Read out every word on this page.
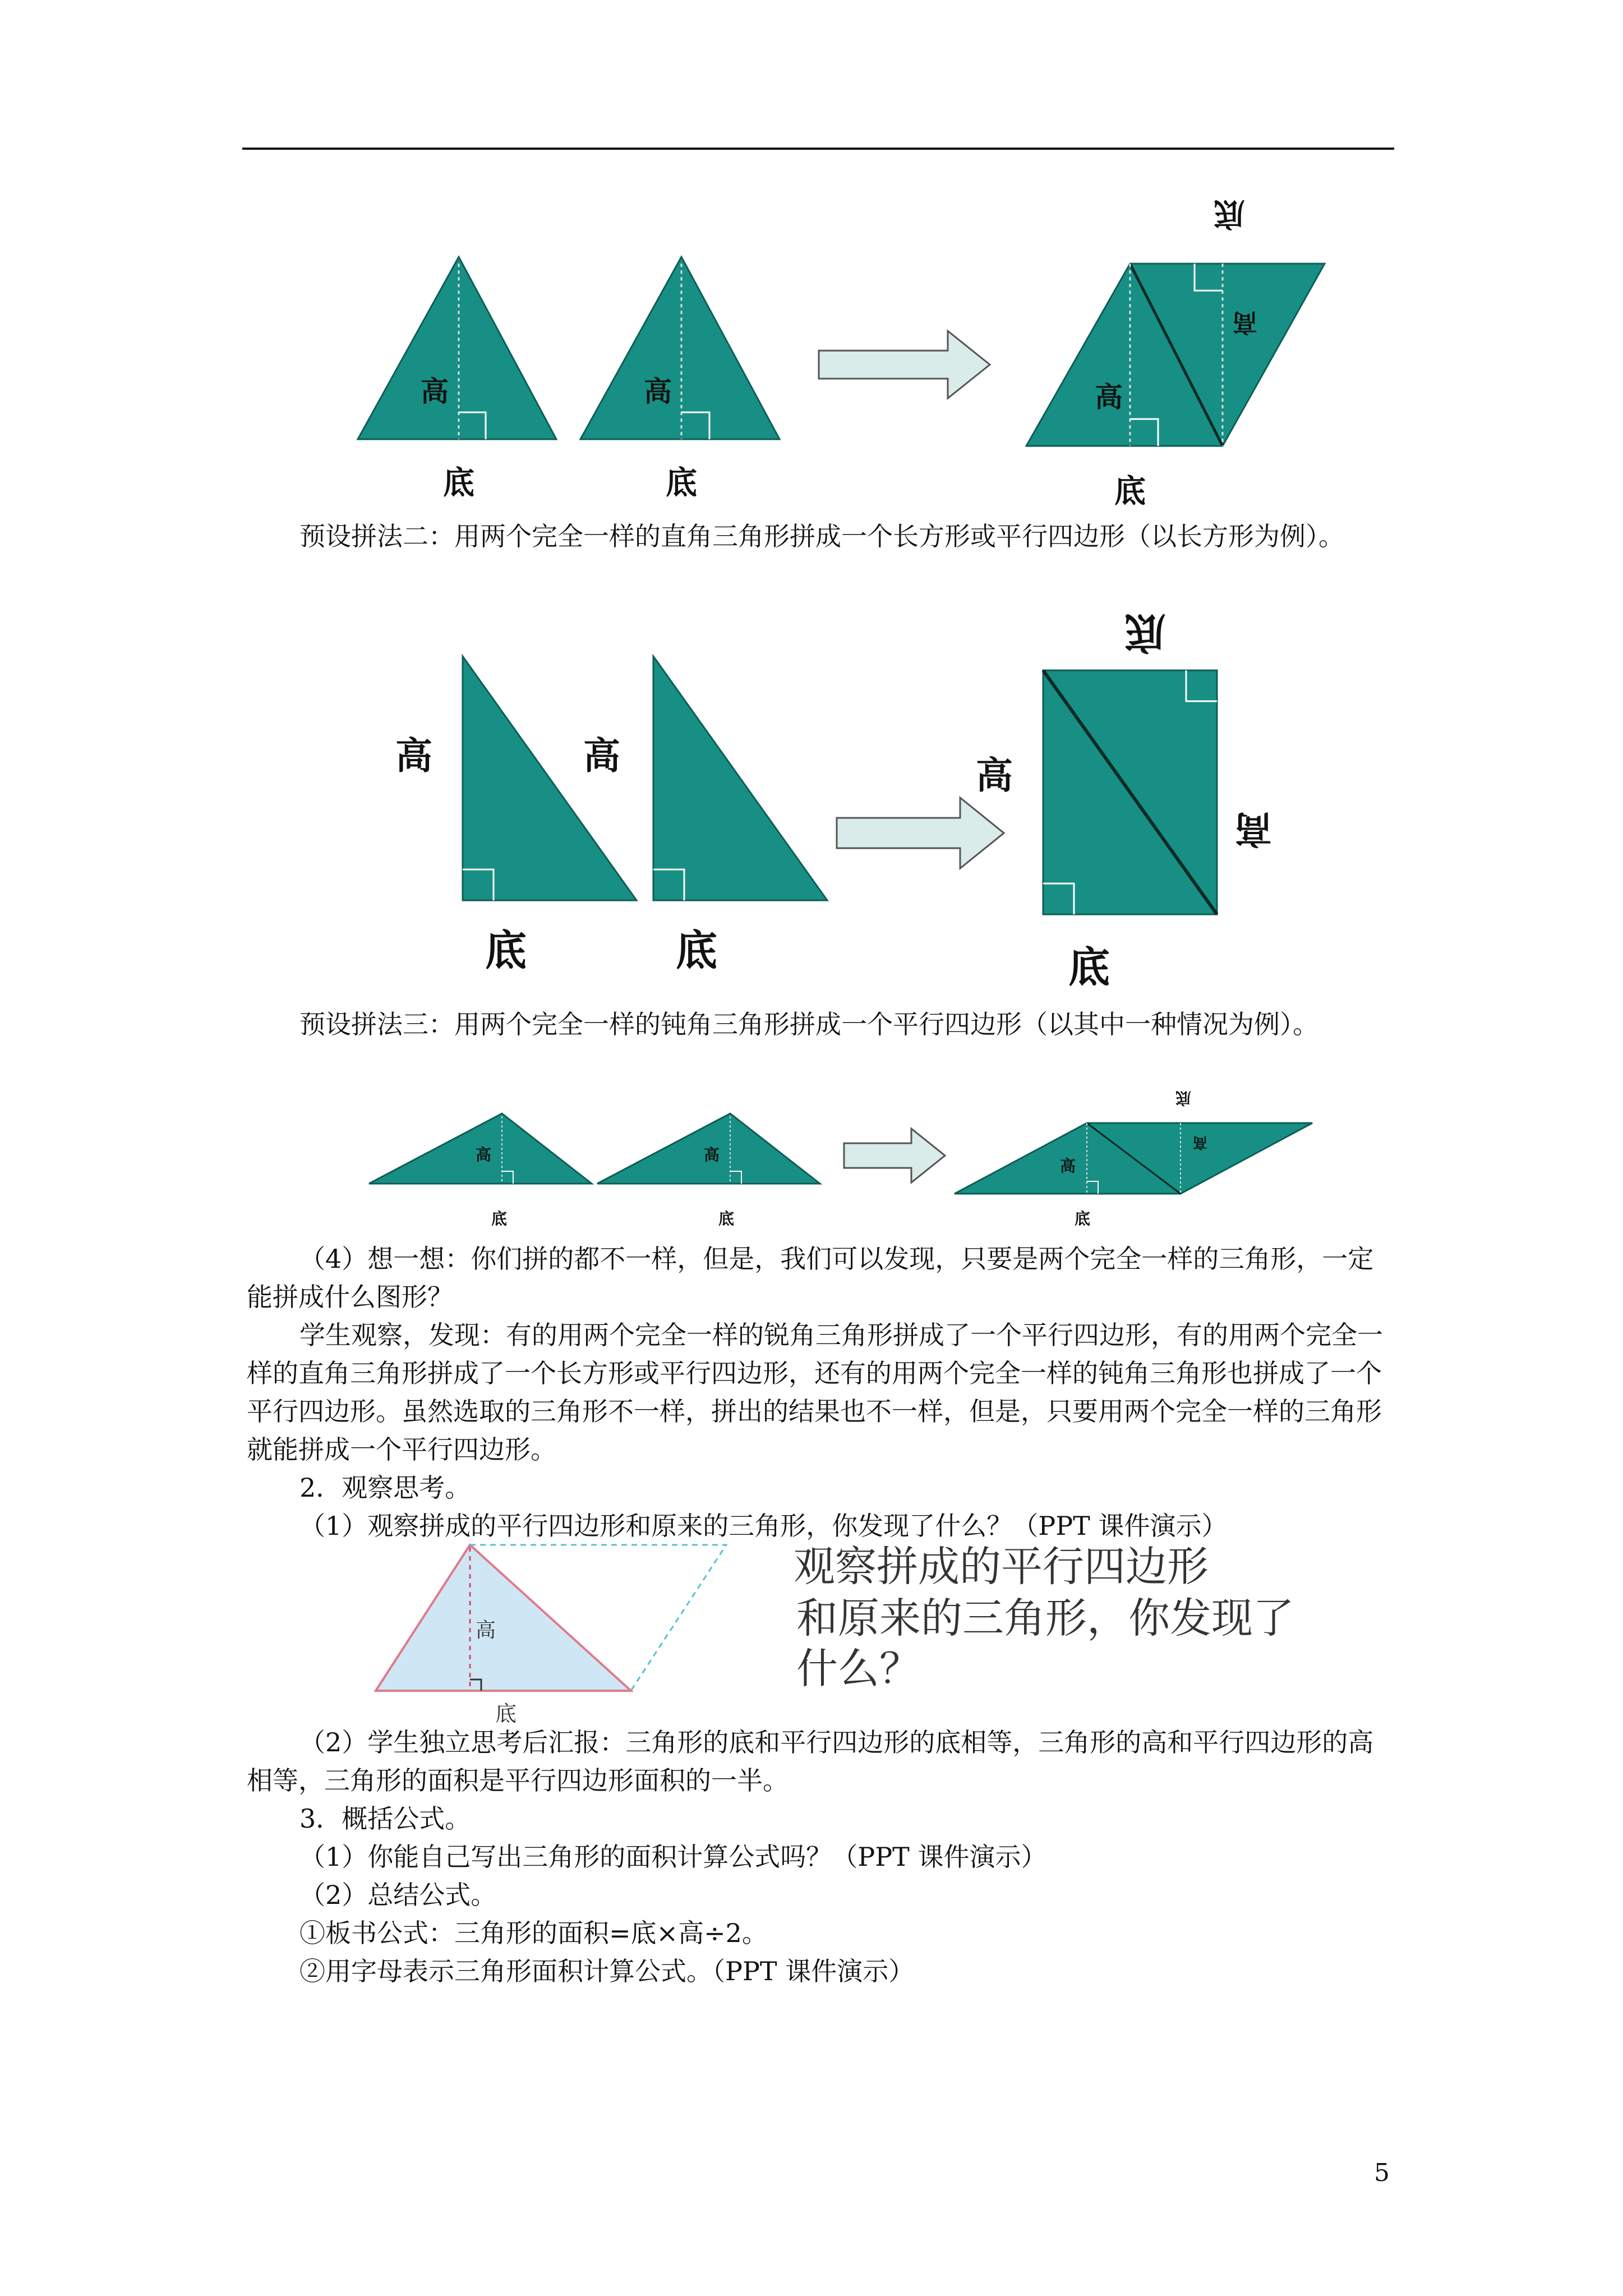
高
底
高
底
高
底
高
底

预设拼法二：用两个完全一样的直角三角形拼成一个长方形或平行四边形（以长方形为例）。

高
底
高
底
高
底
高
底

预设拼法三：用两个完全一样的钝角三角形拼成一个平行四边形（以其中一种情况为例）。

高
底
高
底
高
底
高
底

（4）想一想：你们拼的都不一样，但是，我们可以发现，只要是两个完全一样的三角形，一定能拼成什么图形？

学生观察，发现：有的用两个完全一样的锐角三角形拼成了一个平行四边形，有的用两个完全一样的直角三角形拼成了一个长方形或平行四边形，还有的用两个完全一样的钝角三角形也拼成了一个平行四边形。虽然选取的三角形不一样，拼出的结果也不一样，但是，只要用两个完全一样的三角形就能拼成一个平行四边形。

2．观察思考。

（1）观察拼成的平行四边形和原来的三角形，你发现了什么？（PPT 课件演示）

高
底
观察拼成的平行四边形
和原来的三角形，你发现了
什么？

（2）学生独立思考后汇报：三角形的底和平行四边形的底相等，三角形的高和平行四边形的高相等，三角形的面积是平行四边形面积的一半。

3．概括公式。

（1）你能自己写出三角形的面积计算公式吗？（PPT 课件演示）

（2）总结公式。

①板书公式：三角形的面积=底×高÷2。

②用字母表示三角形面积计算公式。（PPT 课件演示）

5
